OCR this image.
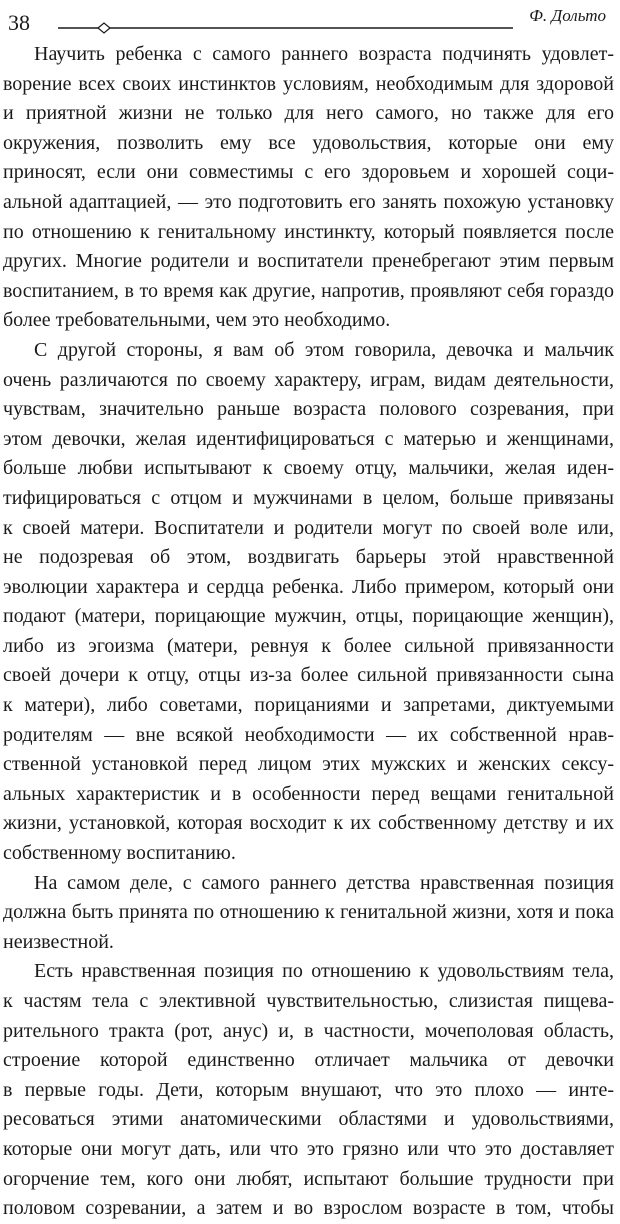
38	Ф. Дольто
Научить ребенка с самого раннего возраста подчинять удовлет-
ворение всех своих инстинктов условиям, необходимым для здоровой
и приятной жизни не только для него самого, но также для его
окружения, позволить ему все удовольствия, которые они ему
приносят, если они совместимы с его здоровьем и хорошей соци-
альной адаптацией, — это подготовить его занять похожую установку
по отношению к генитальному инстинкту, который появляется после
других. Многие родители и воспитатели пренебрегают этим первым
воспитанием, в то время как другие, напротив, проявляют себя гораздо
более требовательными, чем это необходимо.
С другой стороны, я вам об этом говорила, девочка и мальчик
очень различаются по своему характеру, играм, видам деятельности,
чувствам, значительно раньше возраста полового созревания, при
этом девочки, желая идентифицироваться с матерью и женщинами,
больше любви испытывают к своему отцу, мальчики, желая иден-
тифицироваться с отцом и мужчинами в целом, больше привязаны
к своей матери. Воспитатели и родители могут по своей воле или,
не подозревая об этом, воздвигать барьеры этой нравственной
эволюции характера и сердца ребенка. Либо примером, который они
подают (матери, порицающие мужчин, отцы, порицающие женщин),
либо из эгоизма (матери, ревнуя к более сильной привязанности
своей дочери к отцу, отцы из-за более сильной привязанности сына
к матери), либо советами, порицаниями и запретами, диктуемыми
родителям — вне всякой необходимости — их собственной нрав-
ственной установкой перед лицом этих мужских и женских сексу-
альных характеристик и в особенности перед вещами генитальной
жизни, установкой, которая восходит к их собственному детству и их
собственному воспитанию.
На самом деле, с самого раннего детства нравственная позиция
должна быть принята по отношению к генитальной жизни, хотя и пока
неизвестной.
Есть нравственная позиция по отношению к удовольствиям тела,
к частям тела с элективной чувствительностью, слизистая пищева-
рительного тракта (рот, анус) и, в частности, мочеполовая область,
строение которой единственно отличает мальчика от девочки
в первые годы. Дети, которым внушают, что это плохо — инте-
ресоваться этими анатомическими областями и удовольствиями,
которые они могут дать, или что это грязно или что это доставляет
огорчение тем, кого они любят, испытают большие трудности при
половом созревании, а затем и во взрослом возрасте в том, чтобы
